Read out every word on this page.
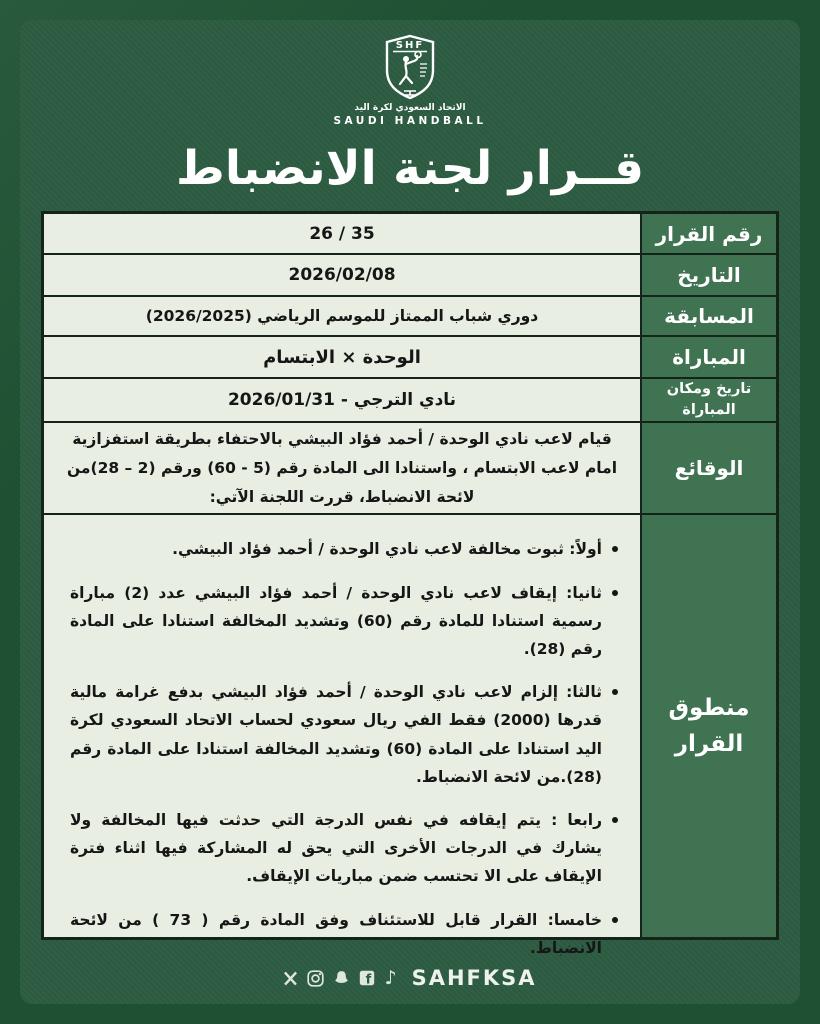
SHF
الاتحاد السعودي لكرة اليد
SAUDI HANDBALL
قــرار لجنة الانضباط
رقم القرار
35 / 26
التاريخ
2026/02/08
المسابقة
دوري شباب الممتاز للموسم الرياضي (2026/2025)
المباراة
الوحدة × الابتسام
تاريخ ومكان المباراة
نادي الترجي - 2026/01/31
الوقائع
قيام لاعب نادي الوحدة / أحمد فؤاد البيشي بالاحتفاء بطريقة استفزازية امام لاعب الابتسام ، واستنادا الى المادة رقم ⁦(60 - 5)⁩ ورقم ⁦(28 – 2)⁩من لائحة الانضباط، قررت اللجنة الآتي:
منطوق القرار
أولاً: ثبوت مخالفة لاعب نادي الوحدة / أحمد فؤاد البيشي.
ثانيا: إيقاف لاعب نادي الوحدة / أحمد فؤاد البيشي عدد (2) مباراة رسمية استنادا للمادة رقم (60) وتشديد المخالفة استنادا على المادة رقم (28).
ثالثا: إلزام لاعب نادي الوحدة / أحمد فؤاد البيشي بدفع غرامة مالية قدرها (2000) فقط الفي ريال سعودي لحساب الاتحاد السعودي لكرة اليد استنادا على المادة (60) وتشديد المخالفة استنادا على المادة رقم (28).من لائحة الانضباط.
رابعا : يتم إيقافه في نفس الدرجة التي حدثت فيها المخالفة ولا يشارك في الدرجات الأخرى التي يحق له المشاركة فيها اثناء فترة الإيقاف على الا تحتسب ضمن مباريات الإيقاف.
خامسا: القرار قابل للاستئناف وفق المادة رقم ⁦( 73 )⁩ من لائحة الانضباط.
f ♪ SAHFKSA
